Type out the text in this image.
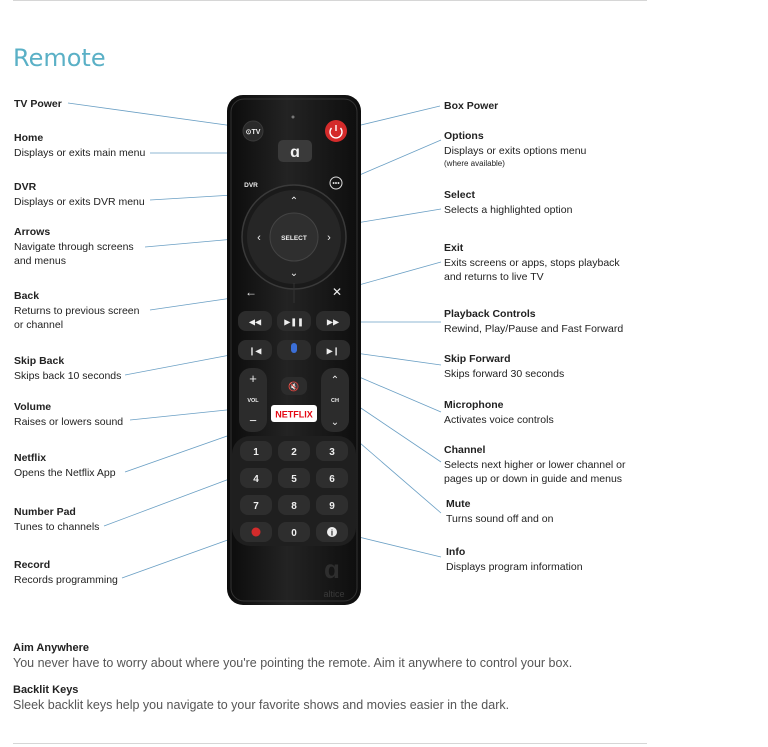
Remote
⊙TV
ɑ
DVR	•••
SELECT
⌃
⌄
‹	›
←	✕
◀◀	▶❚❚	▶▶
❙◀	▶❙
+
VOL
−
🔇
NETFLIX
⌃
CH
⌄
1	2	3
4	5	6
7	8	9
0	i
ɑ
altice
TV Power
Home
Displays or exits main menu
DVR
Displays or exits DVR menu
Arrows
Navigate through screens
and menus
Back
Returns to previous screen
or channel
Skip Back
Skips back 10 seconds
Volume
Raises or lowers sound
Netflix
Opens the Netflix App
Number Pad
Tunes to channels
Record
Records programming
Box Power
Options
Displays or exits options menu
(where available)
Select
Selects a highlighted option
Exit
Exits screens or apps, stops playback
and returns to live TV
Playback Controls
Rewind, Play/Pause and Fast Forward
Skip Forward
Skips forward 30 seconds
Microphone
Activates voice controls
Channel
Selects next higher or lower channel or
pages up or down in guide and menus
Mute
Turns sound off and on
Info
Displays program information
Aim Anywhere
You never have to worry about where you're pointing the remote. Aim it anywhere to control your box.
Backlit Keys
Sleek backlit keys help you navigate to your favorite shows and movies easier in the dark.
